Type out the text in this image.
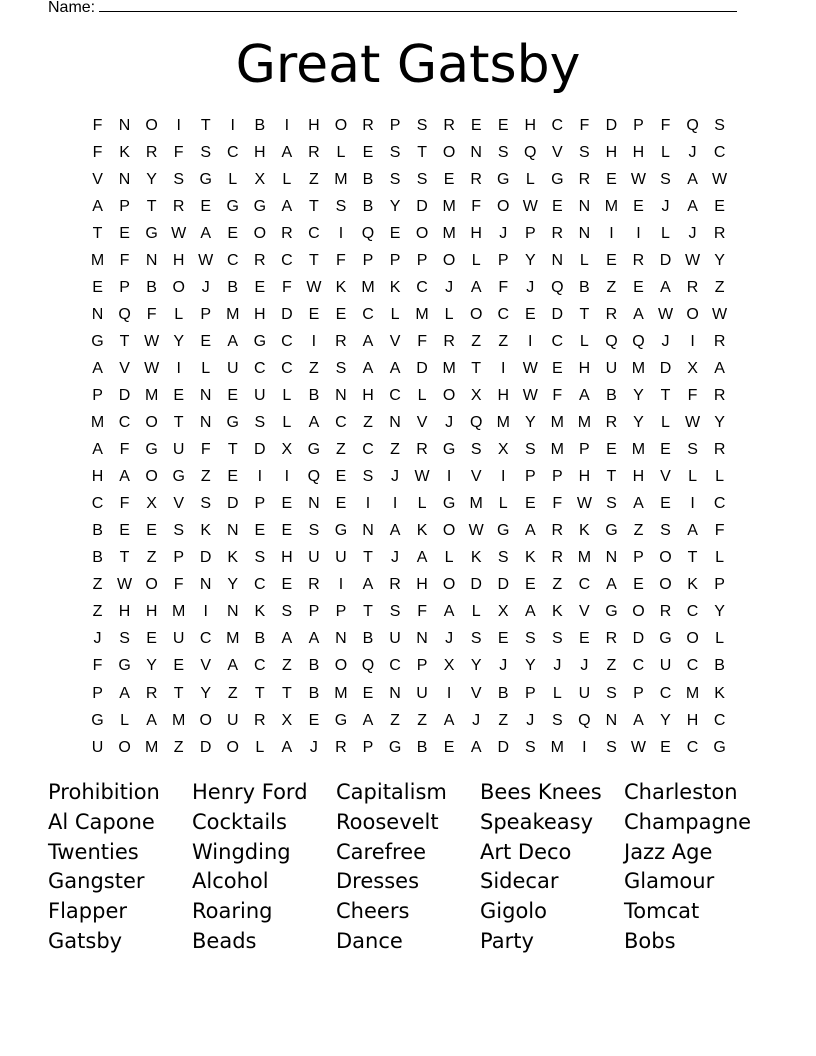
Name:
Great Gatsby
F	N O	I	T	I	B	I	H O R P	S R E	E H C	F	D P	F Q S
F	K R	F	S C H A R	L	E	S	T O N S Q V	S H H	L	J	C
V N Y	S G	L	X	L	Z M B	S	S	E R G	L	G R E W S	A W
A	P	T	R E G G A	T	S	B	Y D M F O W E N M E	J	A	E
T	E G W A	E O R C	I	Q E O M H	J	P R N	I	I	L	J	R
M F	N H W C R C	T	F	P	P	P O	L	P	Y N	L	E R D W Y
E	P	B O	J	B	E	F W K M K C	J	A	F	J	Q B	Z	E	A R	Z
N Q F	L	P M H D E	E C	L M L	O C E D	T	R A W O W
G T W Y	E	A G C	I	R A	V	F	R	Z	Z	I	C	L	Q Q	J	I	R
A	V W	I	L	U C C	Z	S	A	A D M T	I	W E H U M D X	A
P D M E N E U	L	B N H C	L	O X H W F	A	B	Y	T	F	R
M C O T	N G S	L	A C	Z	N V	J	Q M Y M M R Y	L W Y
A	F G U	F	T	D X G Z	C	Z	R G S	X	S M P	E M E	S R
H A O G Z	E	I	I	Q E	S	J W	I	V	I	P	P H	T	H V	L	L
C	F	X	V	S D P	E N E	I	I	L	G M L	E	F W S	A	E	I	C
B	E	E	S	K N E	E	S G N A	K O W G A R K G Z	S	A	F
B	T	Z	P D K	S H U U	T	J	A	L	K	S	K R M N P O T	L
Z W O F	N Y C E R	I	A R H O D D E	Z	C A	E O K	P
Z	H H M	I	N K	S	P	P	T	S	F	A	L	X	A	K	V G O R C Y
J	S	E U C M B	A	A N B U N	J	S	E	S	S	E R D G O	L
F G Y	E	V	A C	Z	B O Q C P	X	Y	J	Y	J	J	Z	C U C B
P	A R	T	Y	Z	T	T	B M E N U	I	V	B	P	L	U S	P C M K
G	L	A M O U R X	E G A	Z	Z	A	J	Z	J	S Q N A	Y H C
U O M Z	D O	L	A	J	R P G B	E	A D S M	I	S W E C G
Prohibition	Henry Ford	Capitalism	Bees Knees	Charleston
Al Capone	Cocktails	Roosevelt	Speakeasy	Champagne
Twenties	Wingding	Carefree	Art Deco	Jazz Age
Gangster	Alcohol	Dresses	Sidecar	Glamour
Flapper	Roaring	Cheers	Gigolo	Tomcat
Gatsby	Beads	Dance	Party	Bobs
